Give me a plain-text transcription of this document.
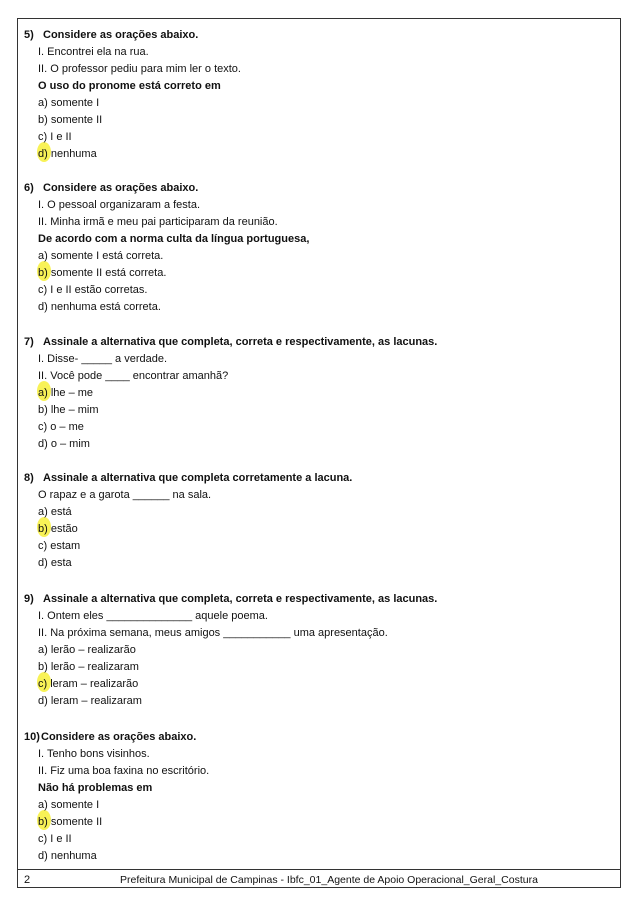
5) Considere as orações abaixo.
I. Encontrei ela na rua.
II. O professor pediu para mim ler o texto.
O uso do pronome está correto em
a) somente I
b) somente II
c) I e II
d) nenhuma
6) Considere as orações abaixo.
I. O pessoal organizaram a festa.
II. Minha irmã e meu pai participaram da reunião.
De acordo com a norma culta da língua portuguesa,
a) somente I está correta.
b) somente II está correta.
c) I e II estão corretas.
d) nenhuma está correta.
7) Assinale a alternativa que completa, correta e respectivamente, as lacunas.
I. Disse- _____ a verdade.
II. Você pode ____ encontrar amanhã?
a) lhe – me
b) lhe – mim
c) o – me
d) o – mim
8) Assinale a alternativa que completa corretamente a lacuna.
O rapaz e a garota ______ na sala.
a) está
b) estão
c) estam
d) esta
9) Assinale a alternativa que completa, correta e respectivamente, as lacunas.
I. Ontem eles ______________ aquele poema.
II. Na próxima semana, meus amigos ___________ uma apresentação.
a) lerão – realizarão
b) lerão – realizaram
c) leram – realizarão
d) leram – realizaram
10) Considere as orações abaixo.
I. Tenho bons visinhos.
II. Fiz uma boa faxina no escritório.
Não há problemas em
a) somente I
b) somente II
c) I e II
d) nenhuma
2	Prefeitura Municipal de Campinas - Ibfc_01_Agente de Apoio Operacional_Geral_Costura
